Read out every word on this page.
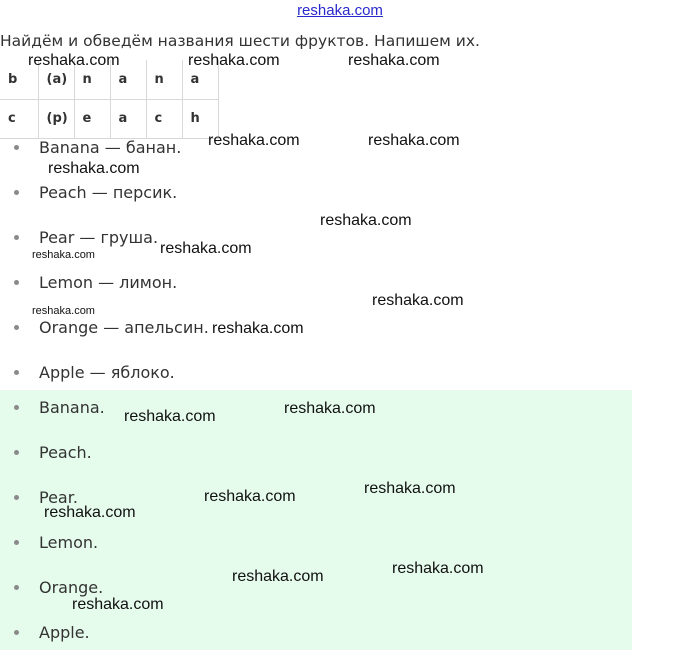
reshaka.com
Найдём и обведём названия шести фруктов. Напишем их.
b	(a)	n	a	n	a
c	(p)	e	a	c	h
Banana — банан.
Peach — персик.
Pear — груша.
Lemon — лимон.
Orange — апельсин.
Apple — яблоко.
Banana.
Peach.
Pear.
Lemon.
Orange.
Apple.
reshaka.com	reshaka.com	reshaka.com
reshaka.com	reshaka.com
reshaka.com
reshaka.com
reshaka.com
reshaka.com
reshaka.com
reshaka.com
reshaka.com
reshaka.com
reshaka.com
reshaka.com
reshaka.com
reshaka.com
reshaka.com
reshaka.com
reshaka.com
